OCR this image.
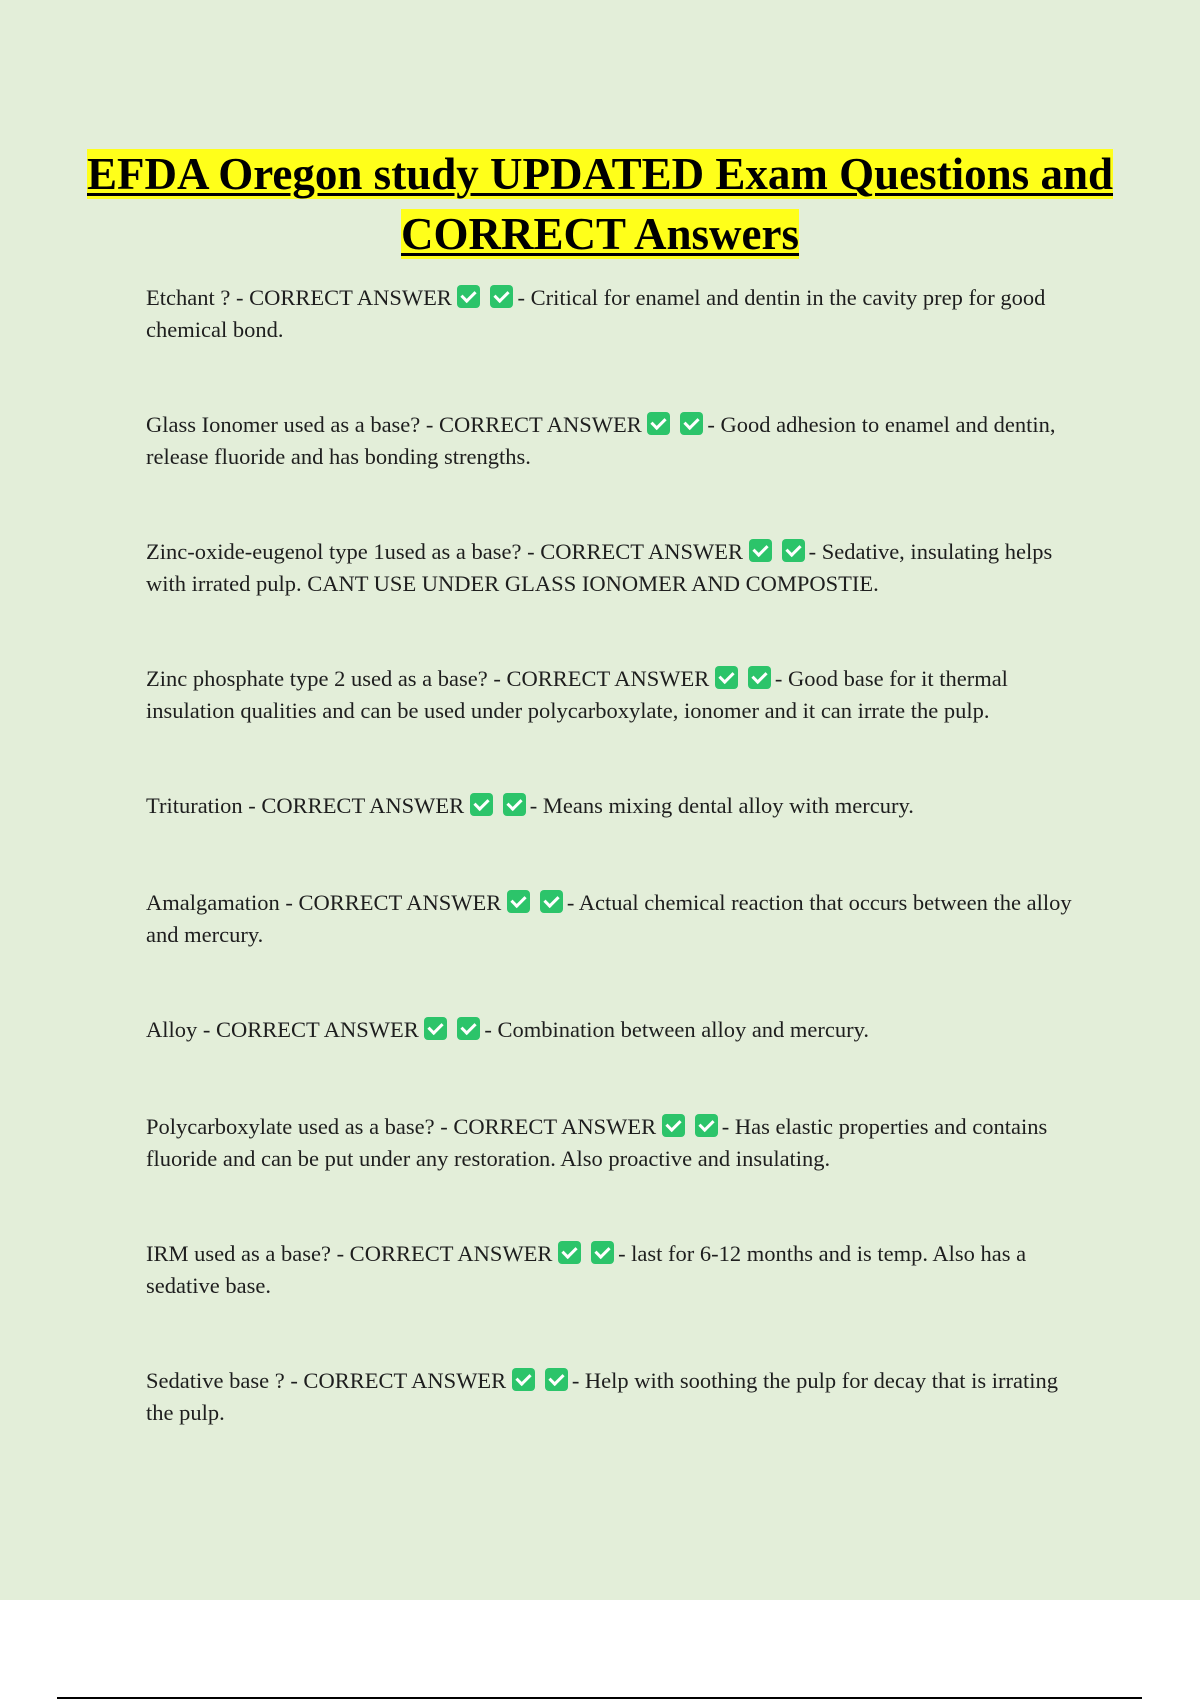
EFDA Oregon study UPDATED Exam Questions and CORRECT Answers
Etchant ? - CORRECT ANSWER	- Critical for enamel and dentin in the cavity prep for good chemical bond.
Glass Ionomer used as a base? - CORRECT ANSWER	- Good adhesion to enamel and dentin, release fluoride and has bonding strengths.
Zinc-oxide-eugenol type 1used as a base? - CORRECT ANSWER	- Sedative, insulating helps with irrated pulp. CANT USE UNDER GLASS IONOMER AND COMPOSTIE.
Zinc phosphate type 2 used as a base? - CORRECT ANSWER	- Good base for it thermal insulation qualities and can be used under polycarboxylate, ionomer and it can irrate the pulp.
Trituration - CORRECT ANSWER	- Means mixing dental alloy with mercury.
Amalgamation - CORRECT ANSWER	- Actual chemical reaction that occurs between the alloy and mercury.
Alloy - CORRECT ANSWER	- Combination between alloy and mercury.
Polycarboxylate used as a base? - CORRECT ANSWER	- Has elastic properties and contains fluoride and can be put under any restoration. Also proactive and insulating.
IRM used as a base? - CORRECT ANSWER	- last for 6-12 months and is temp. Also has a sedative base.
Sedative base ? - CORRECT ANSWER	- Help with soothing the pulp for decay that is irrating the pulp.
